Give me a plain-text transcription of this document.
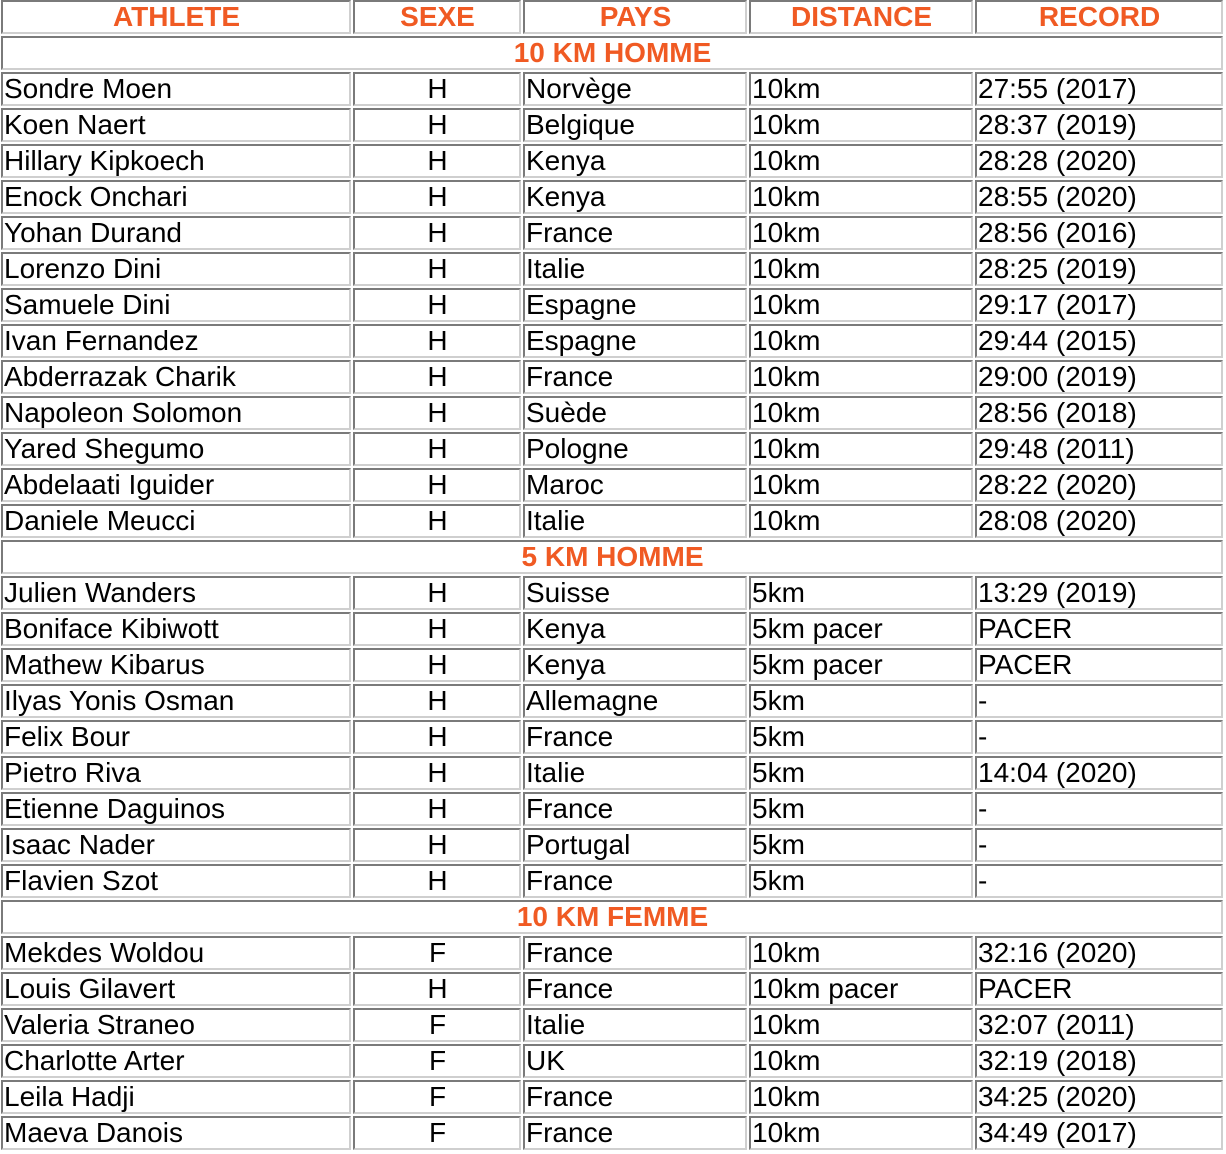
ATHLETE	SEXE	PAYS	DISTANCE	RECORD
10 KM HOMME				
Sondre Moen	H	Norvège	10km	27:55 (2017)
Koen Naert	H	Belgique	10km	28:37 (2019)
Hillary Kipkoech	H	Kenya	10km	28:28 (2020)
Enock Onchari	H	Kenya	10km	28:55 (2020)
Yohan Durand	H	France	10km	28:56 (2016)
Lorenzo Dini	H	Italie	10km	28:25 (2019)
Samuele Dini	H	Espagne	10km	29:17 (2017)
Ivan Fernandez	H	Espagne	10km	29:44 (2015)
Abderrazak Charik	H	France	10km	29:00 (2019)
Napoleon Solomon	H	Suède	10km	28:56 (2018)
Yared Shegumo	H	Pologne	10km	29:48 (2011)
Abdelaati Iguider	H	Maroc	10km	28:22 (2020)
Daniele Meucci	H	Italie	10km	28:08 (2020)
5 KM HOMME				
Julien Wanders	H	Suisse	5km	13:29 (2019)
Boniface Kibiwott	H	Kenya	5km pacer	PACER
Mathew Kibarus	H	Kenya	5km pacer	PACER
Ilyas Yonis Osman	H	Allemagne	5km	-
Felix Bour	H	France	5km	-
Pietro Riva	H	Italie	5km	14:04 (2020)
Etienne Daguinos	H	France	5km	-
Isaac Nader	H	Portugal	5km	-
Flavien Szot	H	France	5km	-
10 KM FEMME				
Mekdes Woldou	F	France	10km	32:16 (2020)
Louis Gilavert	H	France	10km pacer	PACER
Valeria Straneo	F	Italie	10km	32:07 (2011)
Charlotte Arter	F	UK	10km	32:19 (2018)
Leila Hadji	F	France	10km	34:25 (2020)
Maeva Danois	F	France	10km	34:49 (2017)
